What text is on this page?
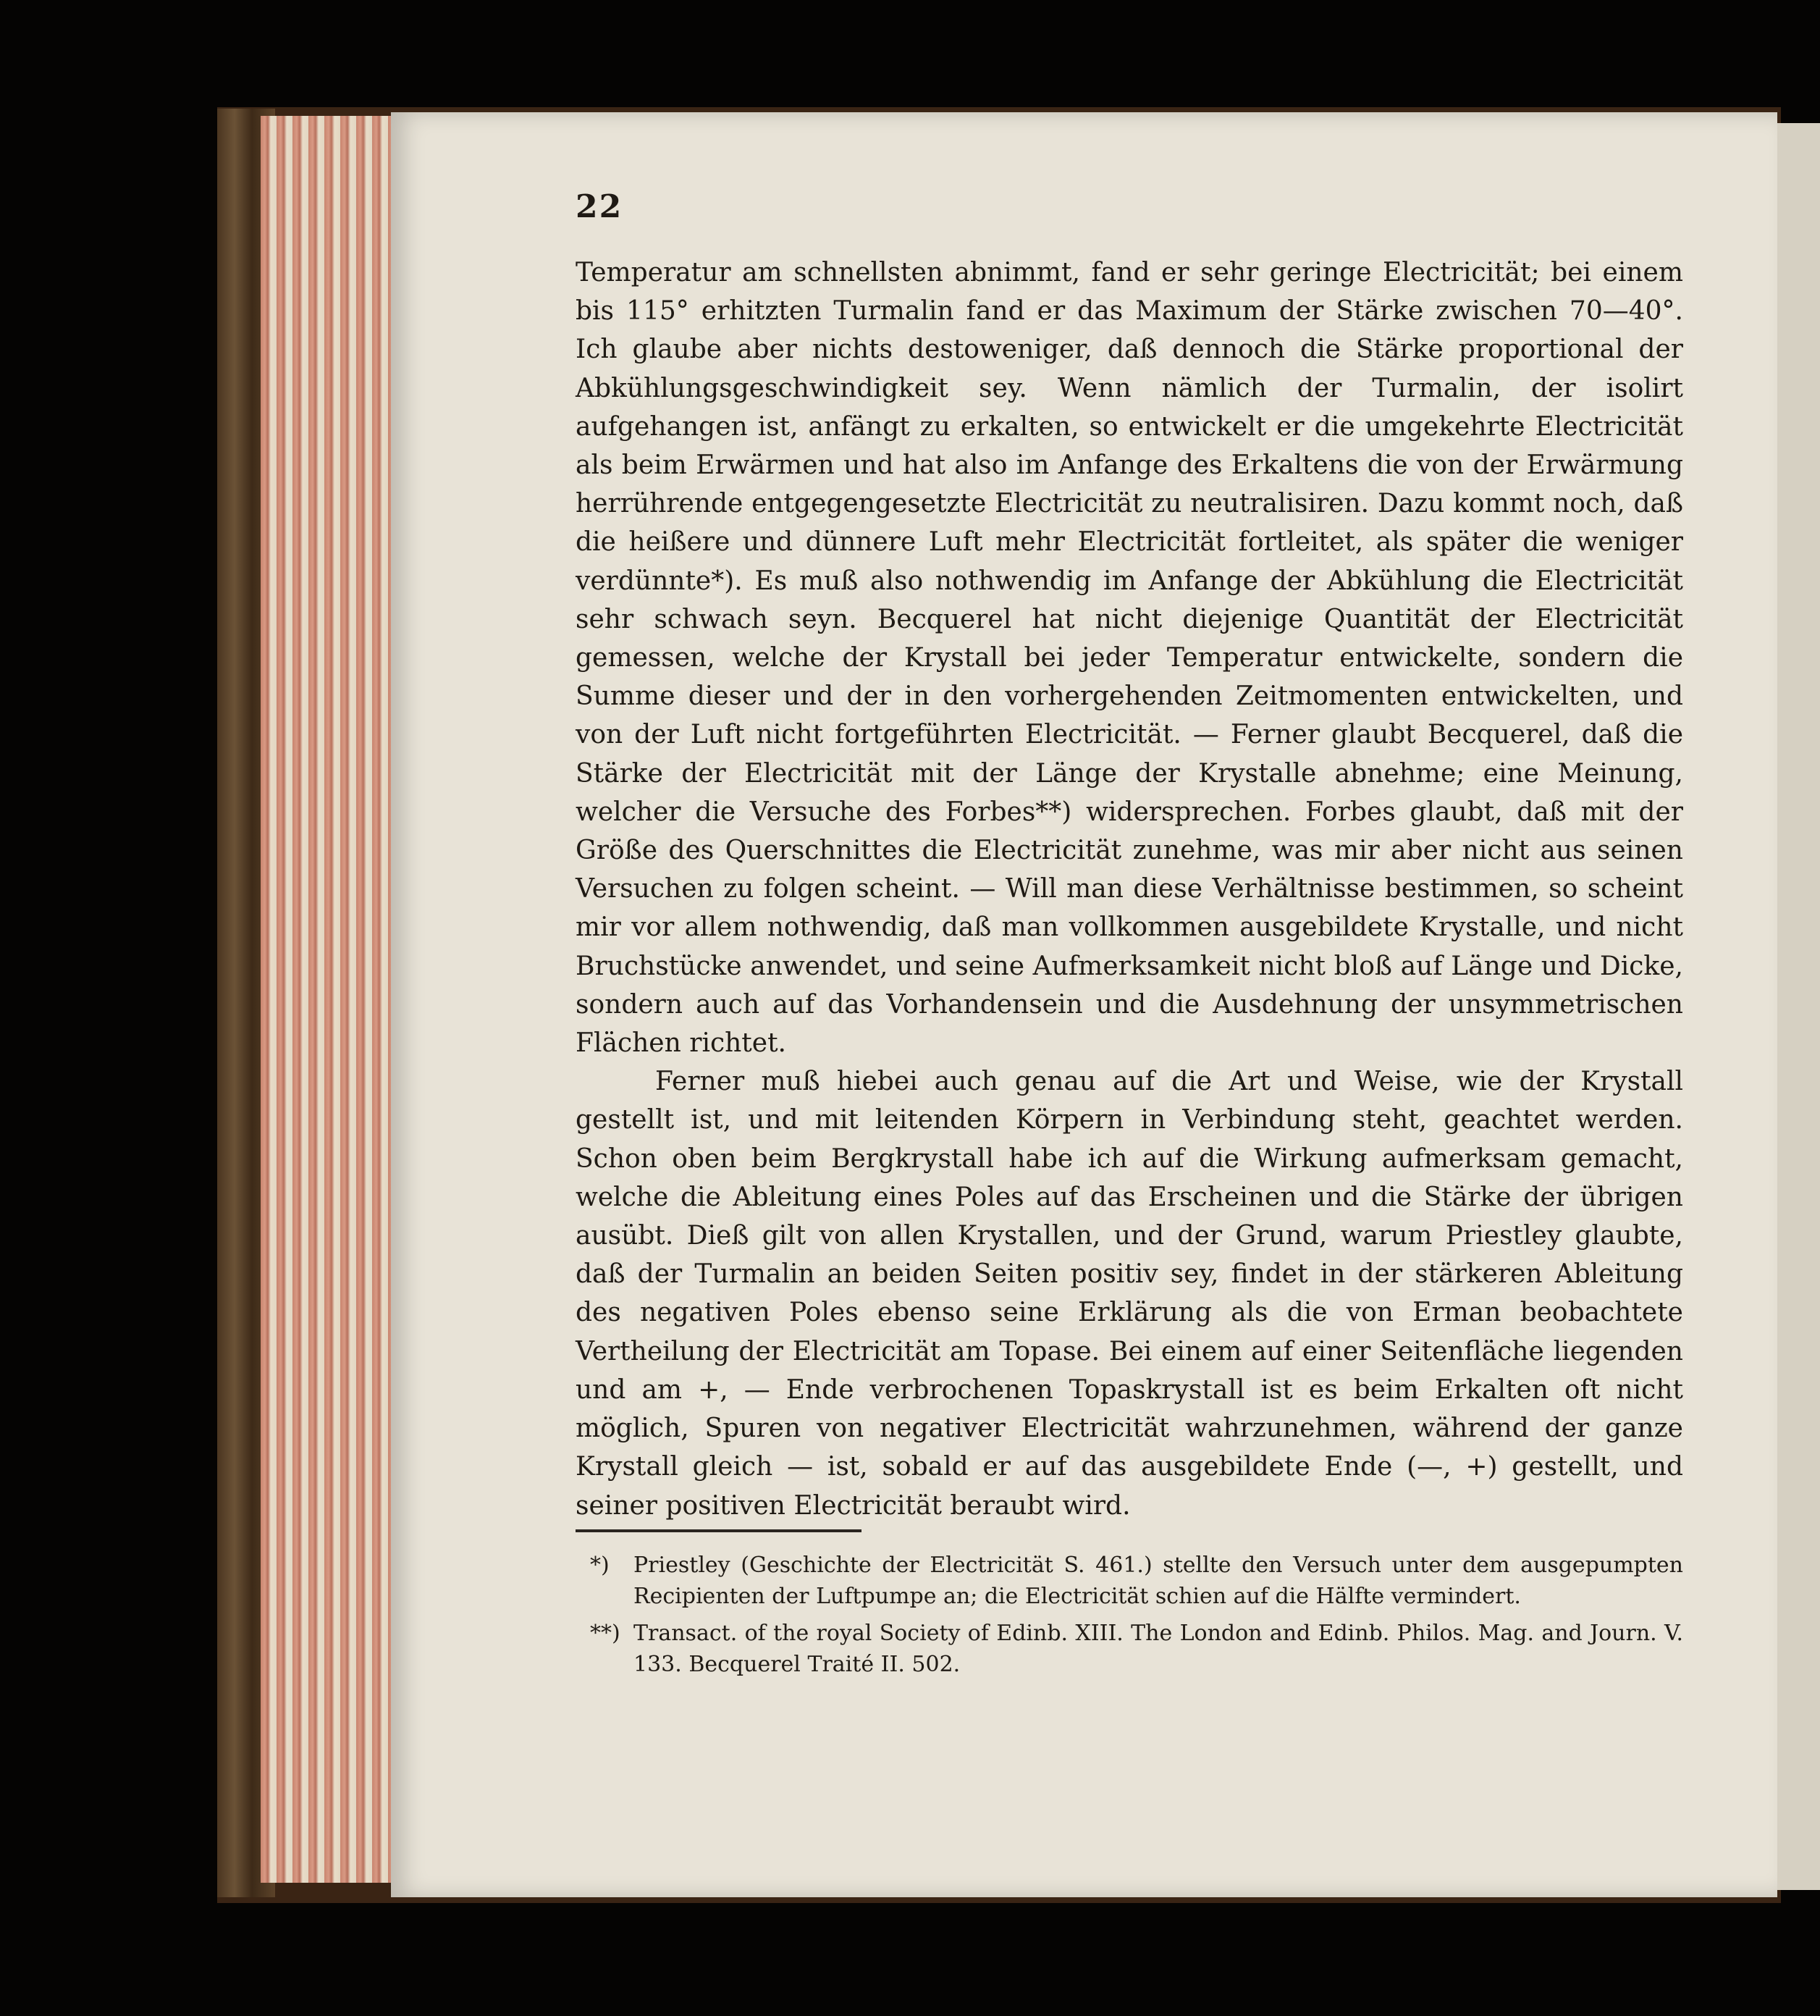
22

Temperatur am schnellsten abnimmt, fand er sehr geringe Electricität; bei einem bis 115° erhitzten Turmalin fand er das Maximum der Stärke zwischen 70—40°. Ich glaube aber nichts destoweniger, daß dennoch die Stärke proportional der Abkühlungsgeschwindigkeit sey. Wenn nämlich der Turmalin, der isolirt aufgehangen ist, anfängt zu erkalten, so entwickelt er die umgekehrte Electricität als beim Erwärmen und hat also im Anfange des Erkaltens die von der Erwärmung herrührende entgegengesetzte Electricität zu neutralisiren. Dazu kommt noch, daß die heißere und dünnere Luft mehr Electricität fortleitet, als später die weniger verdünnte*). Es muß also nothwendig im Anfange der Abkühlung die Electricität sehr schwach seyn. Becquerel hat nicht diejenige Quantität der Electricität gemessen, welche der Krystall bei jeder Temperatur entwickelte, sondern die Summe dieser und der in den vorhergehenden Zeitmomenten entwickelten, und von der Luft nicht fortgeführten Electricität. — Ferner glaubt Becquerel, daß die Stärke der Electricität mit der Länge der Krystalle abnehme; eine Meinung, welcher die Versuche des Forbes**) widersprechen. Forbes glaubt, daß mit der Größe des Querschnittes die Electricität zunehme, was mir aber nicht aus seinen Versuchen zu folgen scheint. — Will man diese Verhältnisse bestimmen, so scheint mir vor allem nothwendig, daß man vollkommen ausgebildete Krystalle, und nicht Bruchstücke anwendet, und seine Aufmerksamkeit nicht bloß auf Länge und Dicke, sondern auch auf das Vorhandensein und die Ausdehnung der unsymmetrischen Flächen richtet.

Ferner muß hiebei auch genau auf die Art und Weise, wie der Krystall gestellt ist, und mit leitenden Körpern in Verbindung steht, geachtet werden. Schon oben beim Bergkrystall habe ich auf die Wirkung aufmerksam gemacht, welche die Ableitung eines Poles auf das Erscheinen und die Stärke der übrigen ausübt. Dieß gilt von allen Krystallen, und der Grund, warum Priestley glaubte, daß der Turmalin an beiden Seiten positiv sey, findet in der stärkeren Ableitung des negativen Poles ebenso seine Erklärung als die von Erman beobachtete Vertheilung der Electricität am Topase. Bei einem auf einer Seitenfläche liegenden und am +, — Ende verbrochenen Topaskrystall ist es beim Erkalten oft nicht möglich, Spuren von negativer Electricität wahrzunehmen, während der ganze Krystall gleich — ist, sobald er auf das ausgebildete Ende (—, +) gestellt, und seiner positiven Electricität beraubt wird.

*) Priestley (Geschichte der Electricität S. 461.) stellte den Versuch unter dem ausgepumpten Recipienten der Luftpumpe an; die Electricität schien auf die Hälfte vermindert.
**) Transact. of the royal Society of Edinb. XIII. The London and Edinb. Philos. Mag. and Journ. V. 133. Becquerel Traité II. 502.
